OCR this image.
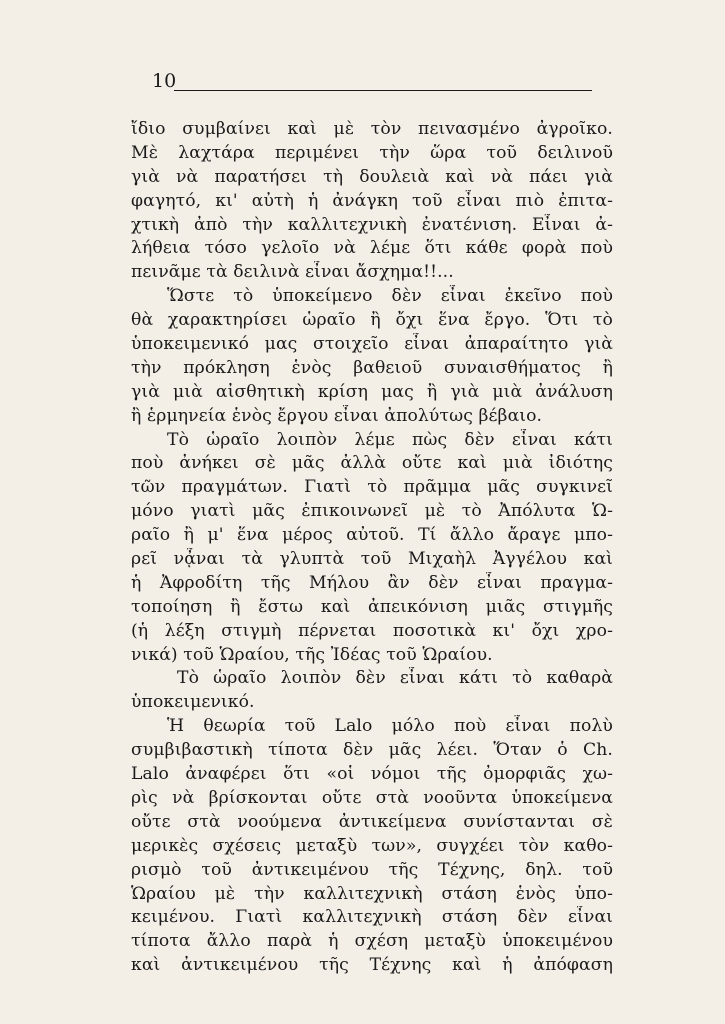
10
ἴδιο συμβαίνει καὶ μὲ τὸν πειvασμένο ἀγροῖκο.
Μὲ λαχτάρα περιμένει τὴν ὥρα τοῦ δειλινοῦ
γιὰ νὰ παρατήσει τὴ δουλειὰ καὶ νὰ πάει γιὰ
φαγητό, κι' αὐτὴ ἡ ἀνάγκη τοῦ εἶναι πιὸ ἐπιτα-
χτικὴ ἀπὸ τὴν καλλιτεχνικὴ ἐνατένιση. Εἶναι ἀ-
λήθεια τόσο γελοῖο νὰ λέμε ὅτι κάθε φορὰ ποὺ
πεινᾶμε τὰ δειλινὰ εἶναι ἄσχημα!!...
Ὥστε τὸ ὑποκείμενο δὲν εἶναι ἐκεῖνο ποὺ
θὰ χαρακτηρίσει ὡραῖο ἢ ὄχι ἕνα ἔργο. Ὅτι τὸ
ὑποκειμενικό μας στοιχεῖο εἶναι ἀπαραίτητο γιὰ
τὴν πρόκληση ἑνὸς βαθειοῦ συναισθήματος ἢ
γιὰ μιὰ αἰσθητικὴ κρίση μας ἢ γιὰ μιὰ ἀνάλυση
ἢ ἑρμηνεία ἑνὸς ἔργου εἶναι ἀπολύτως βέβαιο.
Τὸ ὡραῖο λοιπὸν λέμε πὼς δὲν εἶναι κάτι
ποὺ ἀνήκει σὲ μᾶς ἀλλὰ οὔτε καὶ μιὰ ἰδιότης
τῶν πραγμάτων. Γιατὶ τὸ πρᾶμμα μᾶς συγκινεῖ
μόνο γιατὶ μᾶς ἐπικοινωνεῖ μὲ τὸ Ἀπόλυτα Ὡ-
ραῖο ἢ μ' ἕνα μέρος αὐτοῦ. Τί ἄλλο ἄραγε μπο-
ρεῖ νᾆναι τὰ γλυπτὰ τοῦ Μιχαὴλ Ἀγγέλου καὶ
ἡ Ἀφροδίτη τῆς Μήλου ἂν δὲν εἶναι πραγμα-
τοποίηση ἢ ἔστω καὶ ἀπεικόνιση μιᾶς στιγμῆς
(ἡ λέξη στιγμὴ πέρνεται ποσοτικὰ κι' ὄχι χρο-
νικά) τοῦ Ὡραίου, τῆς Ἰδέας τοῦ Ὡραίου.
Τὸ ὡραῖο λοιπὸν δὲν εἶναι κάτι τὸ καθαρὰ
ὑποκειμενικό.
Ἡ θεωρία τοῦ Lalo μόλο ποὺ εἶναι πολὺ
συμβιβαστικὴ τίποτα δὲν μᾶς λέει. Ὅταν ὁ Ch.
Lalo ἀναφέρει ὅτι «οἱ νόμοι τῆς ὀμορφιᾶς χω-
ρὶς νὰ βρίσκονται οὔτε στὰ νοοῦντα ὑποκείμενα
οὔτε στὰ νοούμενα ἀντικείμενα συνίστανται σὲ
μερικὲς σχέσεις μεταξὺ των», συγχέει τὸν καθο-
ρισμὸ τοῦ ἀντικειμένου τῆς Τέχνης, δηλ. τοῦ
Ὡραίου μὲ τὴν καλλιτεχνικὴ στάση ἑνὸς ὑπο-
κειμένου. Γιατὶ καλλιτεχνικὴ στάση δὲν εἶναι
τίποτα ἄλλο παρὰ ἡ σχέση μεταξὺ ὑποκειμένου
καὶ ἀντικειμένου τῆς Τέχνης καὶ ἡ ἀπόφαση
